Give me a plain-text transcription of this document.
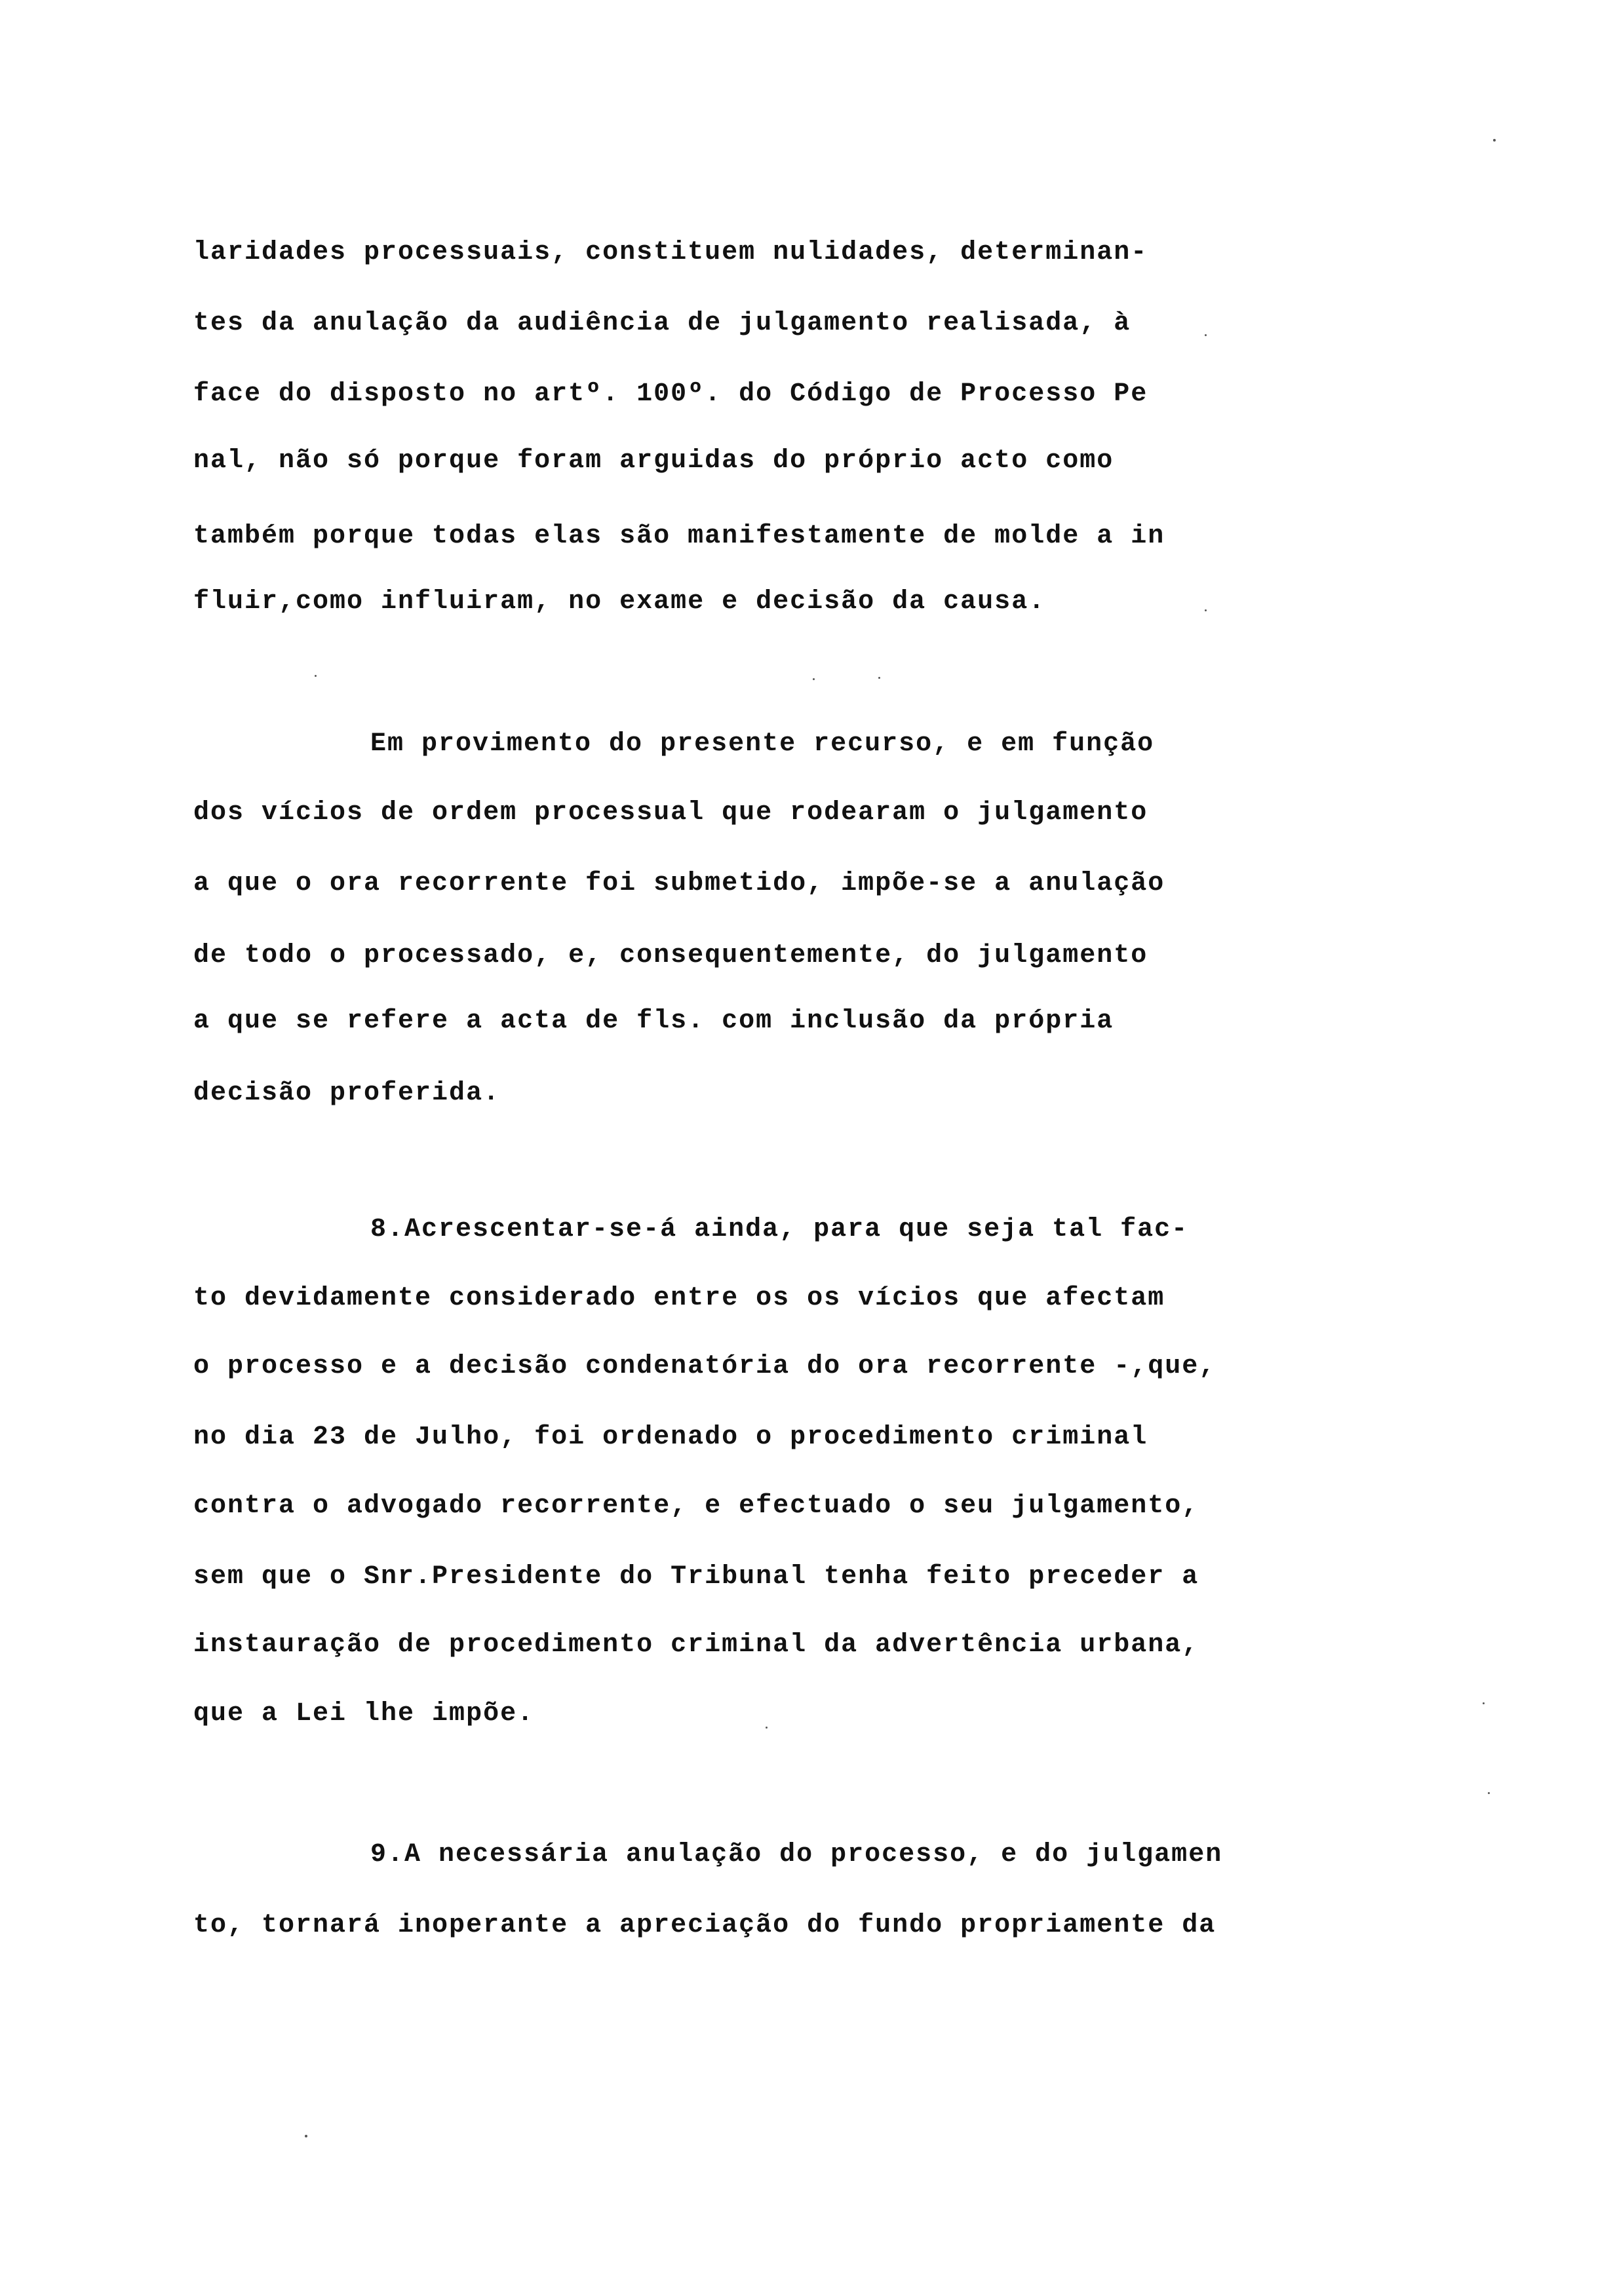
laridades processuais, constituem nulidades, determinan-
tes da anulação da audiência de julgamento realisada, à
face do disposto no artº. 100º. do Código de Processo Pe
nal, não só porque foram arguidas do próprio acto como
também porque todas elas são manifestamente de molde a in
fluir,como influiram, no exame e decisão da causa.
Em provimento do presente recurso, e em função
dos vícios de ordem processual que rodearam o julgamento
a que o ora recorrente foi submetido, impõe-se a anulação
de todo o processado, e, consequentemente, do julgamento
a que se refere a acta de fls. com inclusão da própria
decisão proferida.
8.Acrescentar-se-á ainda, para que seja tal fac-
to devidamente considerado entre os os vícios que afectam
o processo e a decisão condenatória do ora recorrente -,que,
no dia 23 de Julho, foi ordenado o procedimento criminal
contra o advogado recorrente, e efectuado o seu julgamento,
sem que o Snr.Presidente do Tribunal tenha feito preceder a
instauração de procedimento criminal da advertência urbana,
que a Lei lhe impõe.
9.A necessária anulação do processo, e do julgamen
to, tornará inoperante a apreciação do fundo propriamente da
